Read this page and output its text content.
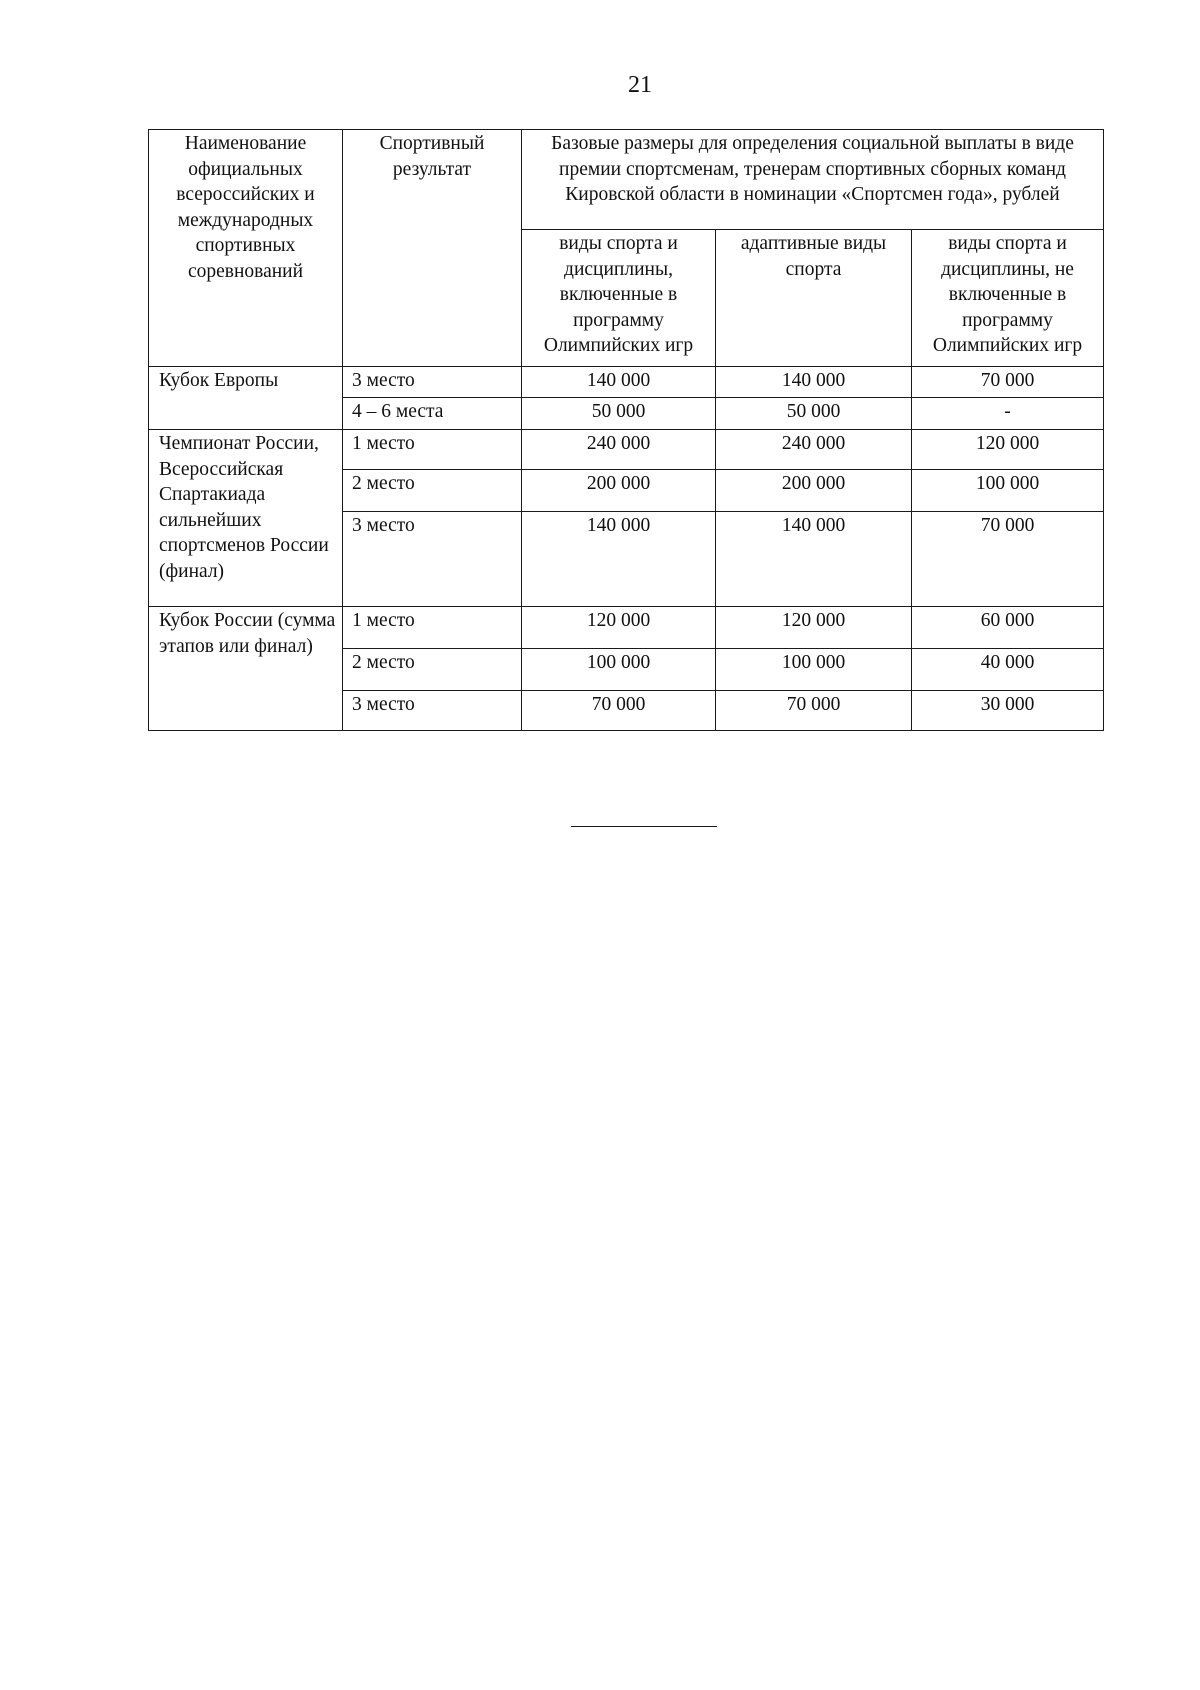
21
Наименование официальных всероссийских и международных спортивных соревнований	Спортивный результат	Базовые размеры для определения социальной выплаты в виде премии спортсменам, тренерам спортивных сборных команд Кировской области в номинации «Спортсмен года», рублей		
		виды спорта и дисциплины, включенные в программу Олимпийских игр	адаптивные виды спорта	виды спорта и дисциплины, не включенные в программу Олимпийских игр
Кубок Европы	3 место	140 000	140 000	70 000
	4 – 6 места	50 000	50 000	-
Чемпионат России, Всероссийская Спартакиада сильнейших спортсменов России (финал)	1 место	240 000	240 000	120 000
	2 место	200 000	200 000	100 000
	3 место	140 000	140 000	70 000
Кубок России (сумма этапов или финал)	1 место	120 000	120 000	60 000
	2 место	100 000	100 000	40 000
	3 место	70 000	70 000	30 000
